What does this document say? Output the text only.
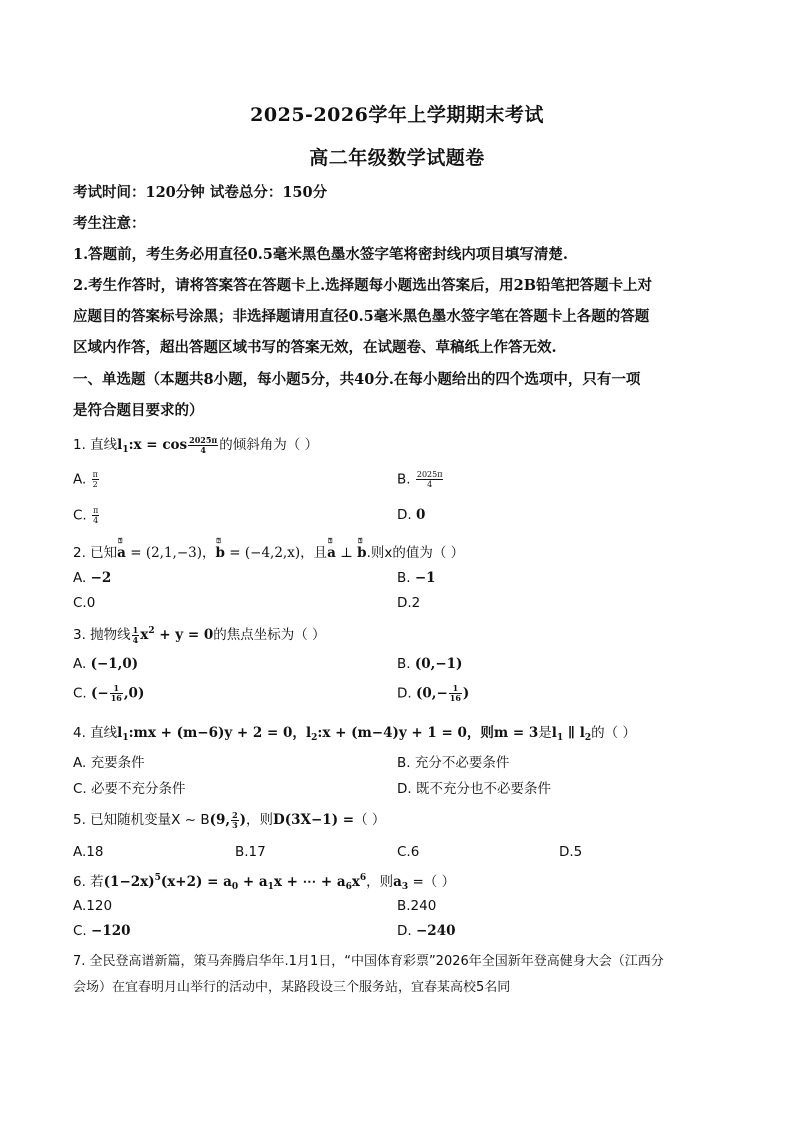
2025-2026学年上学期期末考试
高二年级数学试题卷
考试时间：120分钟 试卷总分：150分
考生注意：
1.答题前，考生务必用直径0.5毫米黑色墨水签字笔将密封线内项目填写清楚.
2.考生作答时，请将答案答在答题卡上.选择题每小题选出答案后，用2B铅笔把答题卡上对
应题目的答案标号涂黑；非选择题请用直径0.5毫米黑色墨水签字笔在答题卡上各题的答题
区域内作答，超出答题区域书写的答案无效，在试题卷、草稿纸上作答无效.
一、单选题（本题共8小题，每小题5分，共40分.在每小题给出的四个选项中，只有一项
是符合题目要求的）
1. 直线$l_1:x = \cos \frac{2025\pi}{4}$ 的倾斜角为（ ）
A. $\frac{\pi}{2}$	B. $\frac{2025\pi}{4}$
C. $\frac{\pi}{4}$	D. 0
2. 已知
⍰
a = (2,1,−3)，
⍰
b = (−4,2,x)，且
⍰
a ⊥
⍰
b.则x的值为（ ）
A. −2	B. −1
C.0	D.2
3. 抛物线 $\frac{1}{4} x^2 + y = 0$的焦点坐标为（ ）
A. (−1,0)	B. (0,−1)
C. (− $\frac{1}{16} ,0$)	D. ($0,- \frac{1}{16}$ )
4. 直线$l_1:mx + (m-6)y + 2 = 0$，$l_2:x + (m-4)y + 1 = 0$，则m = 3是$l_1$ ∥ $l_2$的（ ）
A. 充要条件	B. 充分不必要条件
C. 必要不充分条件	D. 既不充分也不必要条件
5. 已知随机变量X ~ B(9, $\frac{2}{3}$ )，则D(3X−1) =（ ）
A.18	B.17	C.6	D.5
6. 若$(1-2x)^5(x+2) = a_0 + a_1x$ + ⋯ + $a_6x^6$，则$a_3$ =（ ）
A.120	B.240
C. −120	D. −240
7. 全民登高谱新篇，策马奔腾启华年.1月1日，“中国体育彩票”2026年全国新年登高健身大会（江西分
会场）在宜春明月山举行的活动中，某路段设三个服务站，宜春某高校5名同
